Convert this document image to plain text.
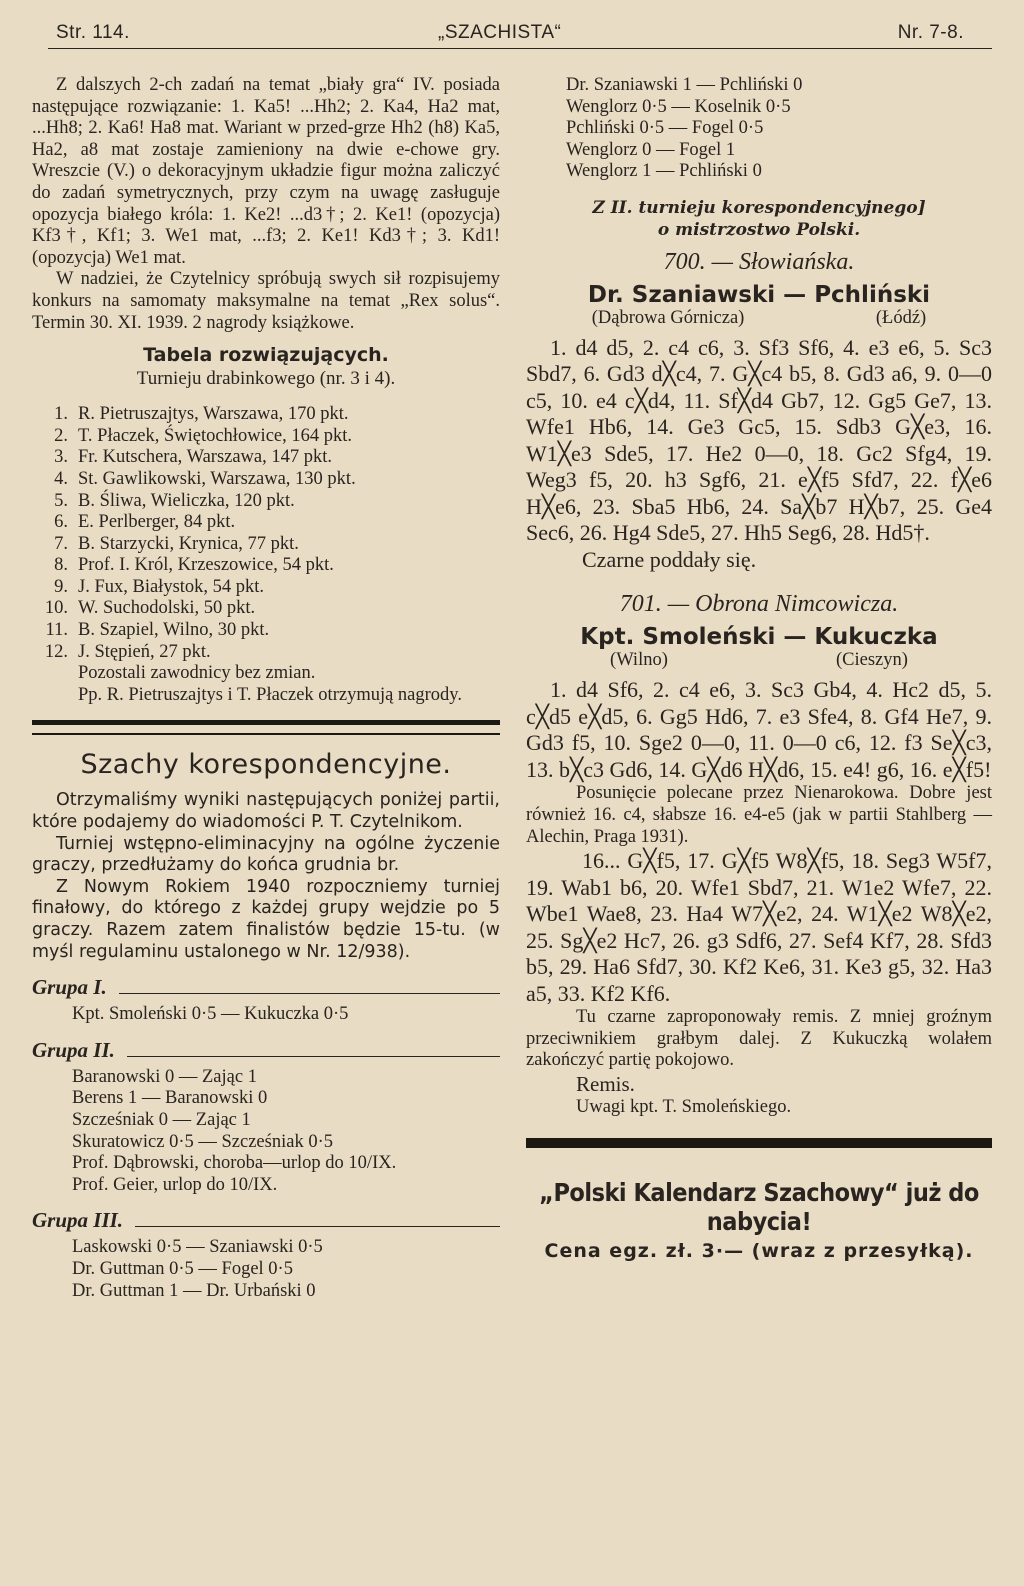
Str. 114.	„SZACHISTA“	Nr. 7-8.

Z dalszych 2-ch zadań na temat „biały gra“ IV. posiada następujące rozwiązanie: 1. Ka5! ...Hh2; 2. Ka4, Ha2 mat, ...Hh8; 2. Ka6! Ha8 mat. Wariant w przed-grze Hh2 (h8) Ka5, Ha2, a8 mat zostaje zamieniony na dwie e-chowe gry. Wreszcie (V.) o dekoracyjnym układzie figur można zaliczyć do zadań symetrycznych, przy czym na uwagę zasługuje opozycja białego króla: 1. Ke2! ...d3†; 2. Ke1! (opozycja) Kf3†, Kf1; 3. We1 mat, ...f3; 2. Ke1! Kd3†; 3. Kd1! (opozycja) We1 mat.

W nadziei, że Czytelnicy spróbują swych sił rozpisujemy konkurs na samomaty maksymalne na temat „Rex solus“. Termin 30. XI. 1939. 2 nagrody książkowe.

Tabela rozwiązujących.

Turnieju drabinkowego (nr. 3 i 4).

1. R. Pietruszajtys, Warszawa, 170 pkt.
2. T. Płaczek, Świętochłowice, 164 pkt.
3. Fr. Kutschera, Warszawa, 147 pkt.
4. St. Gawlikowski, Warszawa, 130 pkt.
5. B. Śliwa, Wieliczka, 120 pkt.
6. E. Perlberger, 84 pkt.
7. B. Starzycki, Krynica, 77 pkt.
8. Prof. I. Król, Krzeszowice, 54 pkt.
9. J. Fux, Białystok, 54 pkt.
10. W. Suchodolski, 50 pkt.
11. B. Szapiel, Wilno, 30 pkt.
12. J. Stępień, 27 pkt.

Pozostali zawodnicy bez zmian.

Pp. R. Pietruszajtys i T. Płaczek otrzymują nagrody.

Szachy korespondencyjne.

Otrzymaliśmy wyniki następujących poniżej partii, które podajemy do wiadomości P. T. Czytelnikom.

Turniej wstępno-eliminacyjny na ogólne życzenie graczy, przedłużamy do końca grudnia br.

Z Nowym Rokiem 1940 rozpoczniemy turniej finałowy, do którego z każdej grupy wejdzie po 5 graczy. Razem zatem finalistów będzie 15-tu. (w myśl regulaminu ustalonego w Nr. 12/938).

Grupa I.

Kpt. Smoleński 0·5 — Kukuczka 0·5

Grupa II.

Baranowski 0 — Zając 1

Berens 1 — Baranowski 0

Szcześniak 0 — Zając 1

Skuratowicz 0·5 — Szcześniak 0·5

Prof. Dąbrowski, choroba—urlop do 10/IX.

Prof. Geier, urlop do 10/IX.

Grupa III.

Laskowski 0·5 — Szaniawski 0·5

Dr. Guttman 0·5 — Fogel 0·5

Dr. Guttman 1 — Dr. Urbański 0

Dr. Szaniawski 1 — Pchliński 0

Wenglorz 0·5 — Koselnik 0·5

Pchliński 0·5 — Fogel 0·5

Wenglorz 0 — Fogel 1

Wenglorz 1 — Pchliński 0

Z II. turnieju korespondencyjnego]
o mistrzostwo Polski.

700. — Słowiańska.

Dr. Szaniawski — Pchliński

(Dąbrowa Górnicza)	(Łódź)

1. d4 d5, 2. c4 c6, 3. Sf3 Sf6, 4. e3 e6, 5. Sc3 Sbd7, 6. Gd3 d╳c4, 7. G╳c4 b5, 8. Gd3 a6, 9. 0—0 c5, 10. e4 c╳d4, 11. Sf╳d4 Gb7, 12. Gg5 Ge7, 13. Wfe1 Hb6, 14. Ge3 Gc5, 15. Sdb3 G╳e3, 16. W1╳e3 Sde5, 17. He2 0—0, 18. Gc2 Sfg4, 19. Weg3 f5, 20. h3 Sgf6, 21. e╳f5 Sfd7, 22. f╳e6 H╳e6, 23. Sba5 Hb6, 24. Sa╳b7 H╳b7, 25. Ge4 Sec6, 26. Hg4 Sde5, 27. Hh5 Seg6, 28. Hd5†.

Czarne poddały się.

701. — Obrona Nimcowicza.

Kpt. Smoleński — Kukuczka

(Wilno)	(Cieszyn)

1. d4 Sf6, 2. c4 e6, 3. Sc3 Gb4, 4. Hc2 d5, 5. c╳d5 e╳d5, 6. Gg5 Hd6, 7. e3 Sfe4, 8. Gf4 He7, 9. Gd3 f5, 10. Sge2 0—0, 11. 0—0 c6, 12. f3 Se╳c3, 13. b╳c3 Gd6, 14. G╳d6 H╳d6, 15. e4! g6, 16. e╳f5!

Posunięcie polecane przez Nienarokowa. Dobre jest również 16. c4, słabsze 16. e4-e5 (jak w partii Stahlberg — Alechin, Praga 1931).

16... G╳f5, 17. G╳f5 W8╳f5, 18. Seg3 W5f7, 19. Wab1 b6, 20. Wfe1 Sbd7, 21. W1e2 Wfe7, 22. Wbe1 Wae8, 23. Ha4 W7╳e2, 24. W1╳e2 W8╳e2, 25. Sg╳e2 Hc7, 26. g3 Sdf6, 27. Sef4 Kf7, 28. Sfd3 b5, 29. Ha6 Sfd7, 30. Kf2 Ke6, 31. Ke3 g5, 32. Ha3 a5, 33. Kf2 Kf6.

Tu czarne zaproponowały remis. Z mniej groźnym przeciwnikiem grałbym dalej. Z Kukuczką wolałem zakończyć partię pokojowo.

Remis.

Uwagi kpt. T. Smoleńskiego.

„Polski Kalendarz Szachowy“ już do nabycia!

Cena egz. zł. 3·— (wraz z przesyłką).
